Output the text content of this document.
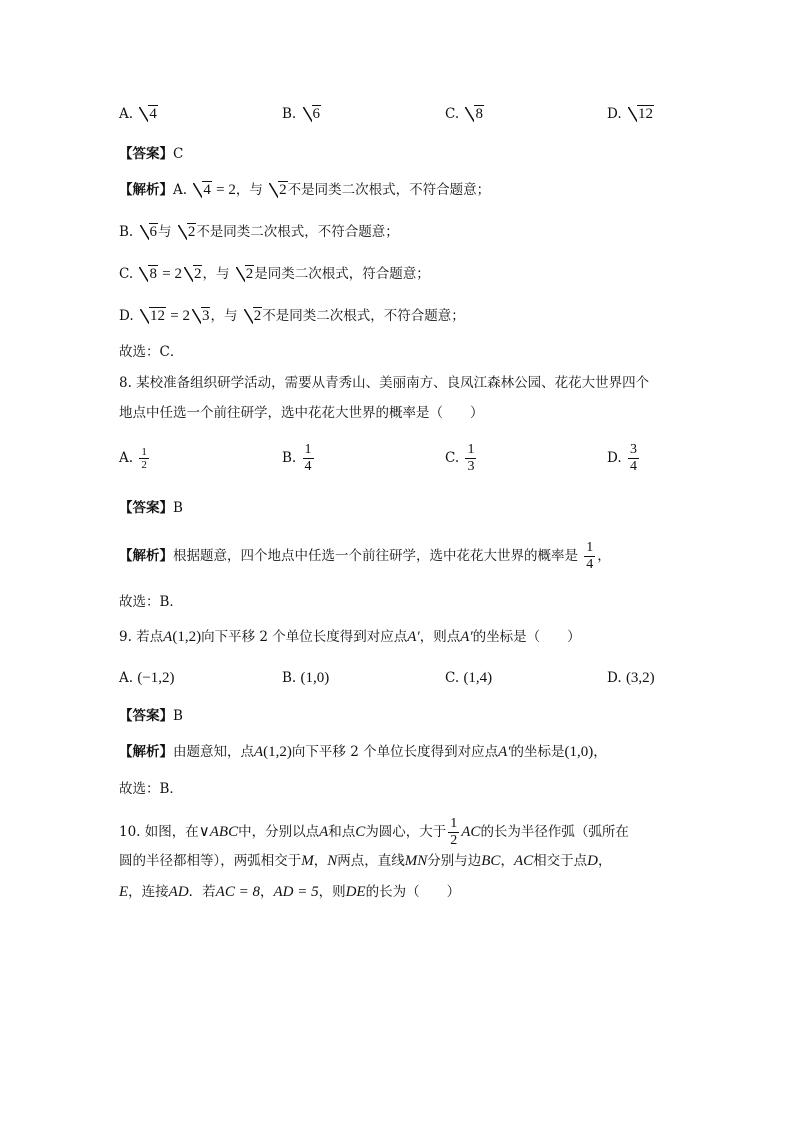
A. 4	B. 6	C. 8	D. 12
【答案】C
【解析】A. 4 = 2，与 2不是同类二次根式，不符合题意；
B. 6与 2不是同类二次根式，不符合题意；
C. 8 = 2 2，与 2是同类二次根式，符合题意；
D. 12 = 2 3，与 2不是同类二次根式，不符合题意；
故选：C．
8. 某校准备组织研学活动，需要从青秀山、美丽南方、良凤江森林公园、花花大世界四个
地点中任选一个前往研学，选中花花大世界的概率是（　　）
A. $\frac{1}{2}$	B. $\frac{1}{4}$	C. $\frac{1}{3}$	D. $\frac{3}{4}$
【答案】B
【解析】根据题意，四个地点中任选一个前往研学，选中花花大世界的概率是 $\frac{1}{4}$ ，
故选：B．
9. 若点A(1,2)向下平移 2 个单位长度得到对应点A′，则点A′的坐标是（　　）
A. (−1,2)	B. (1,0)	C. (1,4)	D. (3,2)
【答案】B
【解析】由题意知，点A(1,2)向下平移 2 个单位长度得到对应点A′的坐标是(1,0)，
故选：B．
10. 如图，在∨ABC中，分别以点A和点C为圆心，大于 $\frac{1}{2}$ AC的长为半径作弧（弧所在
圆的半径都相等），两弧相交于M，N两点，直线MN分别与边BC，AC相交于点D，
E，连接AD．若AC = 8，AD = 5，则DE的长为（　　）
